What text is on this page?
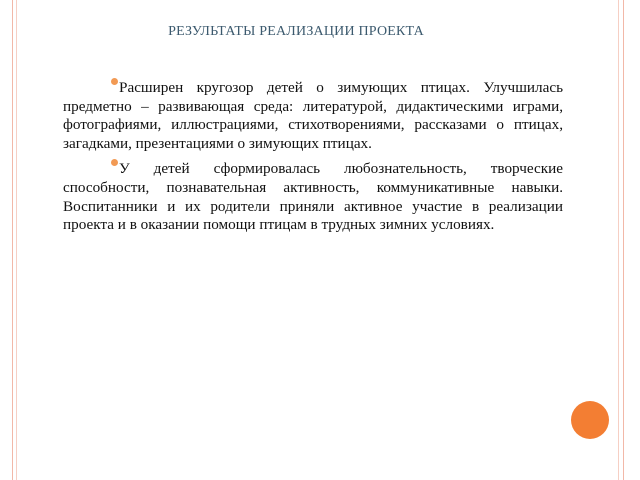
РЕЗУЛЬТАТЫ РЕАЛИЗАЦИИ ПРОЕКТА

Расширен кругозор детей о зимующих птицах. Улучшилась предметно – развивающая среда: литературой, дидактическими играми, фотографиями, иллюстрациями, стихотворениями, рассказами о птицах, загадками, презентациями о зимующих птицах.

У детей сформировалась любознательность, творческие способности, познавательная активность, коммуникативные навыки. Воспитанники и их родители приняли активное участие в реализации проекта и в оказании помощи птицам в трудных зимних условиях.
